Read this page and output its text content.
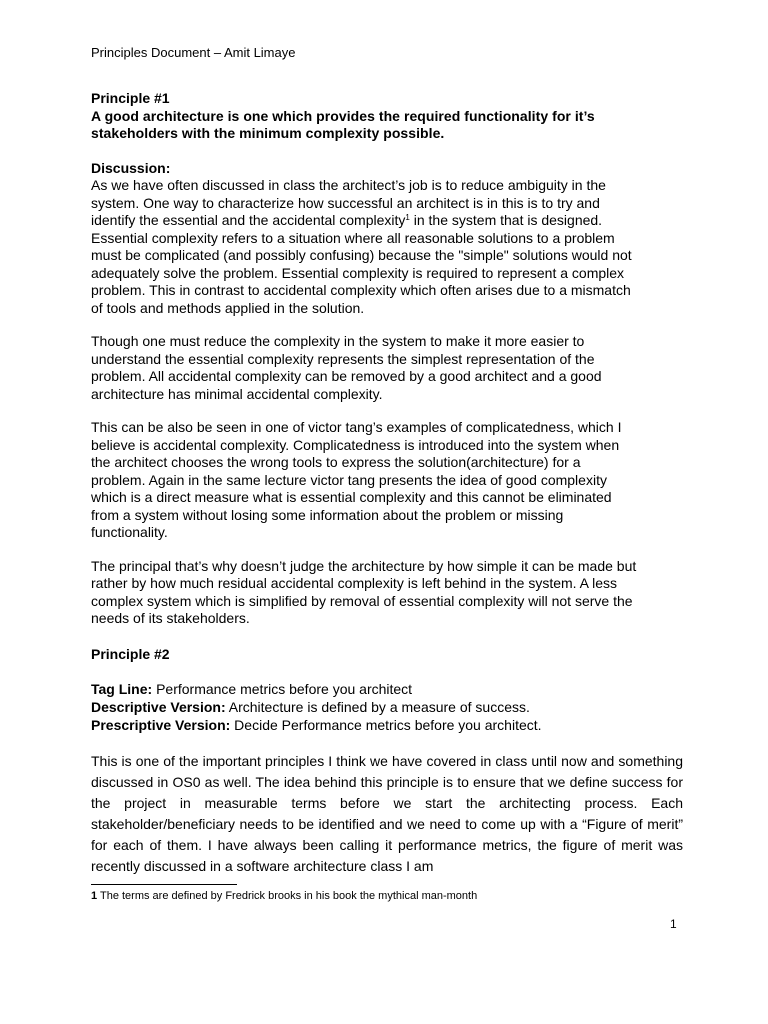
Principles Document – Amit Limaye

Principle #1

A good architecture is one which provides the required functionality for it’s
stakeholders with the minimum complexity possible.

Discussion:

As we have often discussed in class the architect’s job is to reduce ambiguity in the
system. One way to characterize how successful an architect is in this is to try and
identify the essential and the accidental complexity$^1$ in the system that is designed.
Essential complexity refers to a situation where all reasonable solutions to a problem
must be complicated (and possibly confusing) because the "simple" solutions would not
adequately solve the problem. Essential complexity is required to represent a complex
problem. This in contrast to accidental complexity which often arises due to a mismatch
of tools and methods applied in the solution.

Though one must reduce the complexity in the system to make it more easier to
understand the essential complexity represents the simplest representation of the
problem. All accidental complexity can be removed by a good architect and a good
architecture has minimal accidental complexity.

This can be also be seen in one of victor tang’s examples of complicatedness, which I
believe is accidental complexity. Complicatedness is introduced into the system when
the architect chooses the wrong tools to express the solution(architecture) for a
problem. Again in the same lecture victor tang presents the idea of good complexity
which is a direct measure what is essential complexity and this cannot be eliminated
from a system without losing some information about the problem or missing
functionality.

The principal that’s why doesn’t judge the architecture by how simple it can be made but
rather by how much residual accidental complexity is left behind in the system. A less
complex system which is simplified by removal of essential complexity will not serve the
needs of its stakeholders.

Principle #2

Tag Line: Performance metrics before you architect

Descriptive Version: Architecture is defined by a measure of success.

Prescriptive Version: Decide Performance metrics before you architect.

This is one of the important principles I think we have covered in class until now and something discussed in OS0 as well. The idea behind this principle is to ensure that we define success for the project in measurable terms before we start the architecting process. Each stakeholder/beneficiary needs to be identified and we need to come up with a “Figure of merit” for each of them. I have always been calling it performance metrics, the figure of merit was recently discussed in a software architecture class I am

1 The terms are defined by Fredrick brooks in his book the mythical man-month
1
